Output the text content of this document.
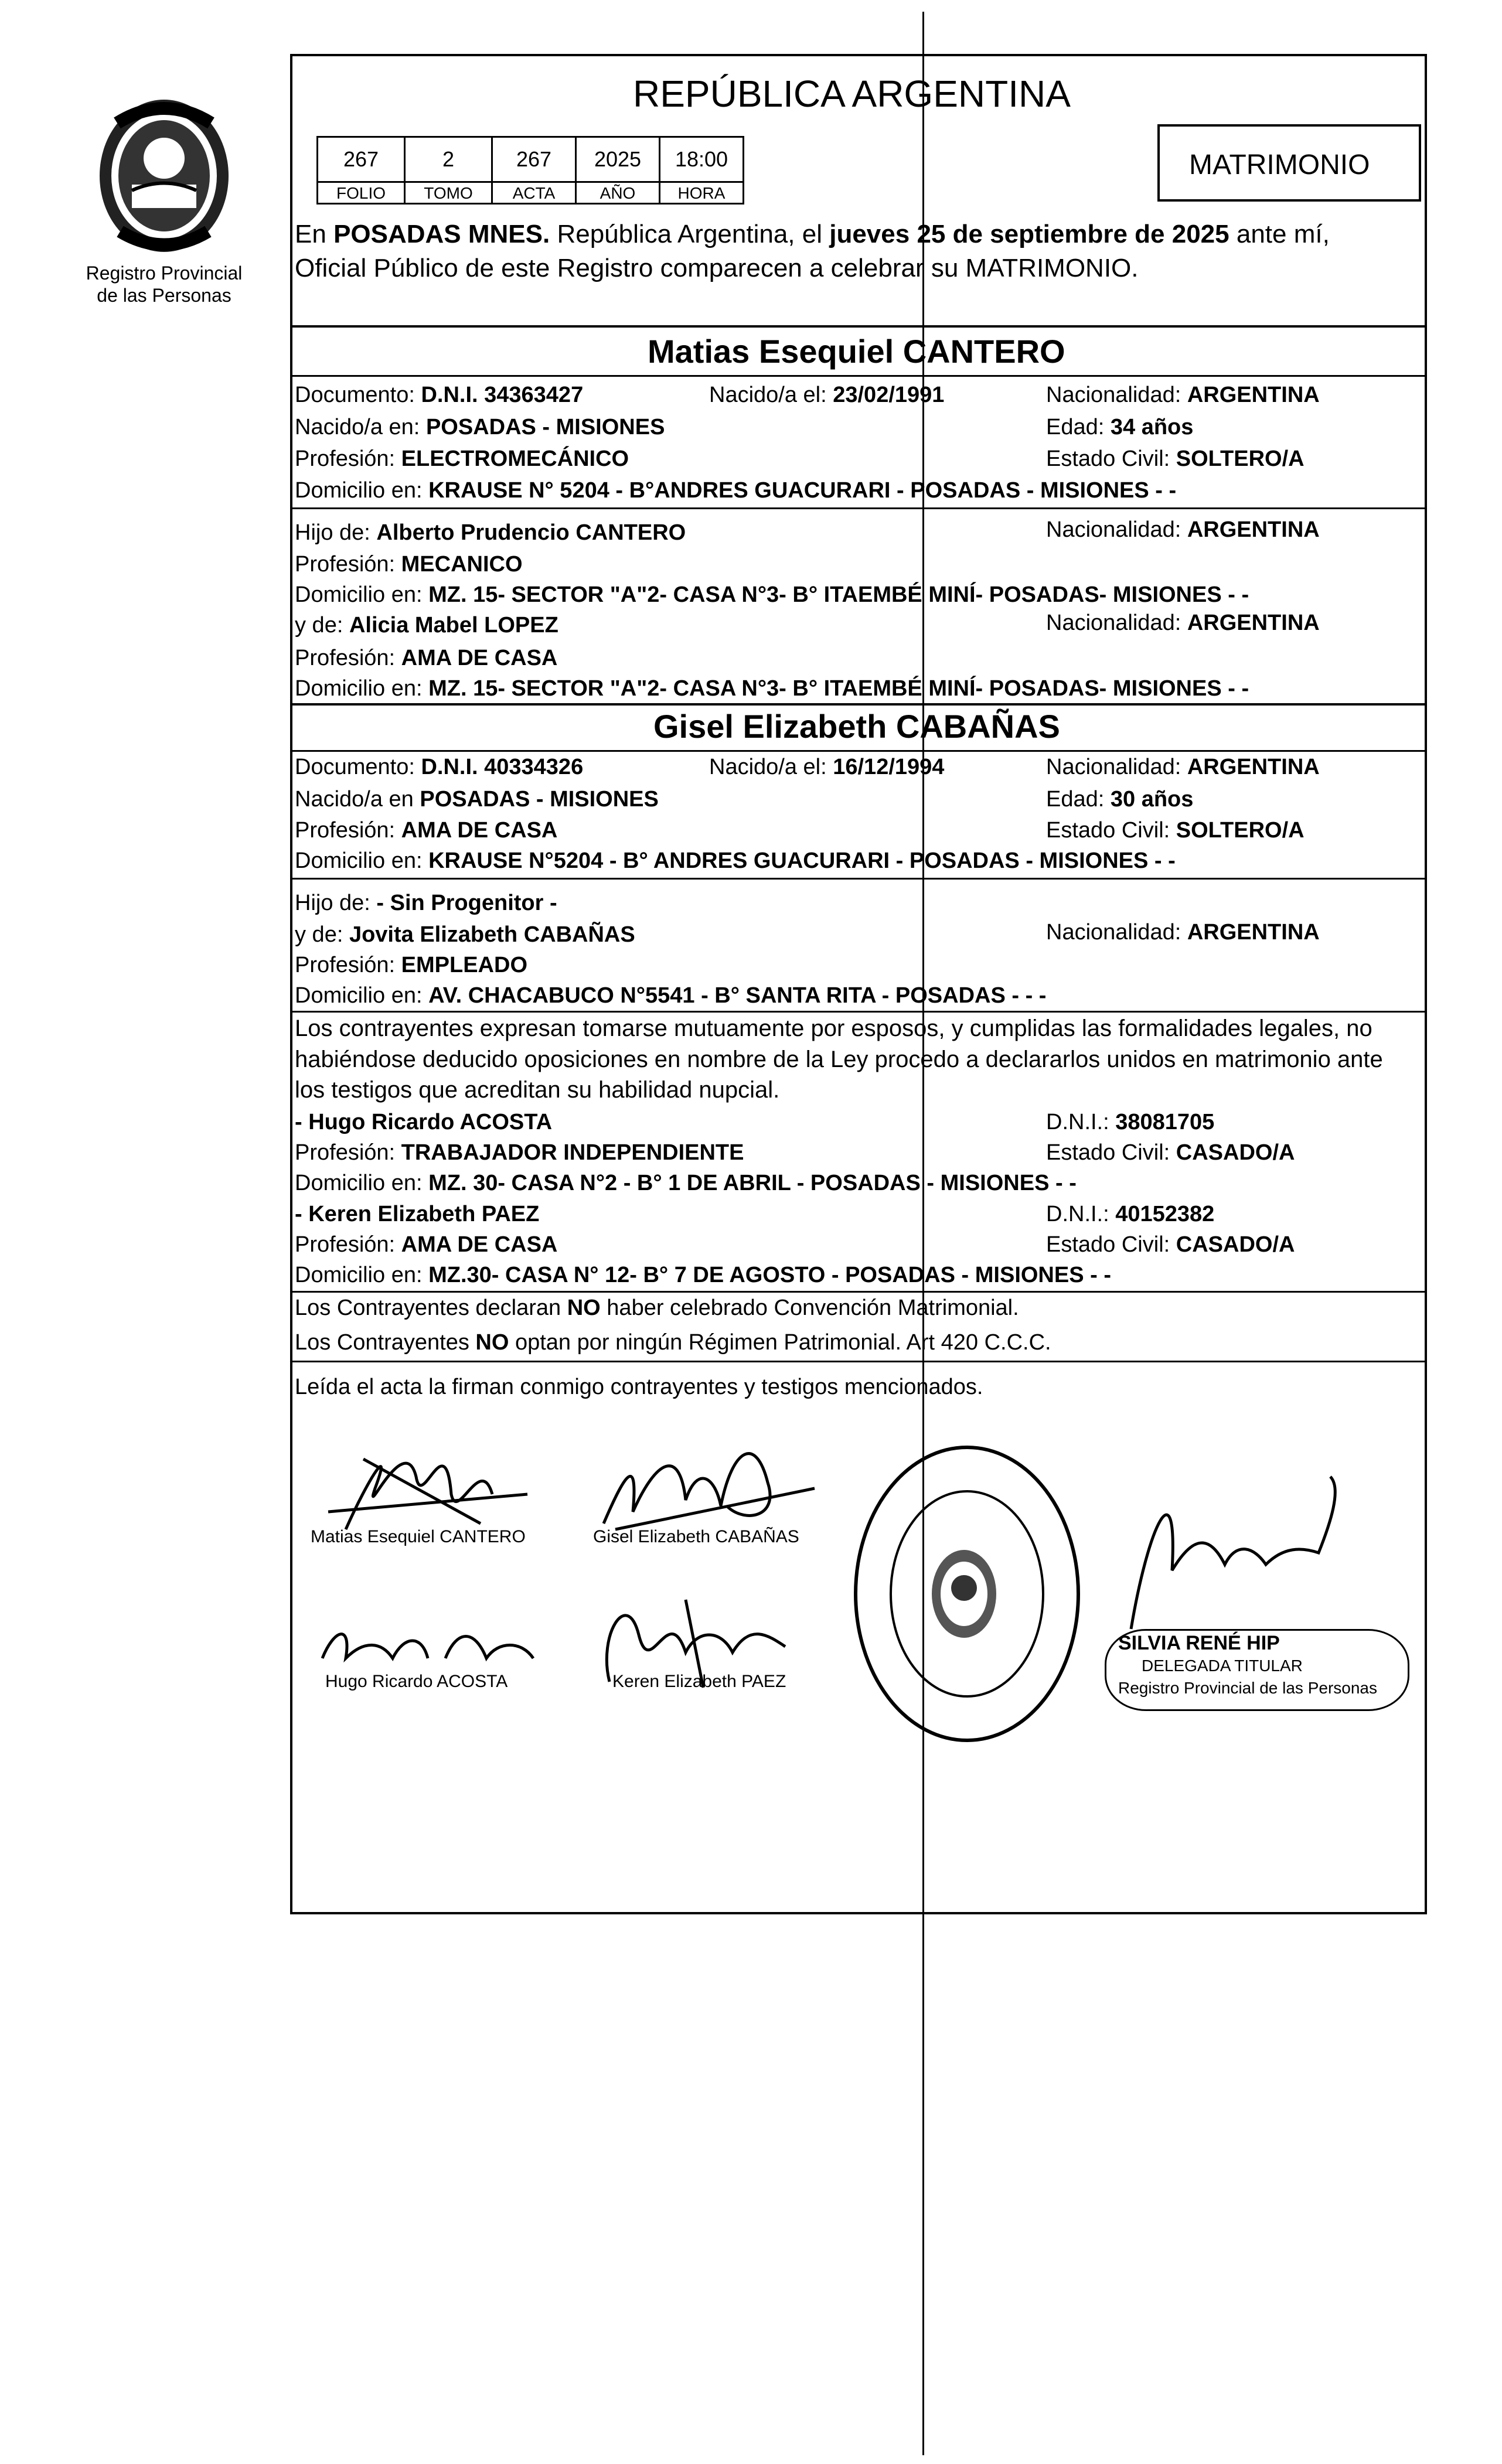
Registro Provincial
de las Personas
REPÚBLICA ARGENTINA
267	2	267	2025	18:00
FOLIO	TOMO	ACTA	AÑO	HORA
MATRIMONIO
En POSADAS MNES. República Argentina, el jueves 25 de septiembre de 2025 ante mí,
Oficial Público de este Registro comparecen a celebrar su MATRIMONIO.
Matias Esequiel CANTERO
Documento: D.N.I. 34363427	Nacido/a el: 23/02/1991	Nacionalidad: ARGENTINA
Nacido/a en: POSADAS - MISIONES	Edad: 34 años
Profesión: ELECTROMECÁNICO	Estado Civil: SOLTERO/A
Domicilio en: KRAUSE N° 5204 - B°ANDRES GUACURARI - POSADAS - MISIONES - -
Hijo de: Alberto Prudencio CANTERO	Nacionalidad: ARGENTINA
Profesión: MECANICO
Domicilio en: MZ. 15- SECTOR "A"2- CASA N°3- B° ITAEMBÉ MINÍ- POSADAS- MISIONES - -
y de: Alicia Mabel LOPEZ	Nacionalidad: ARGENTINA
Profesión: AMA DE CASA
Domicilio en: MZ. 15- SECTOR "A"2- CASA N°3- B° ITAEMBÉ MINÍ- POSADAS- MISIONES - -
Gisel Elizabeth CABAÑAS
Documento: D.N.I. 40334326	Nacido/a el: 16/12/1994	Nacionalidad: ARGENTINA
Nacido/a en POSADAS - MISIONES	Edad: 30 años
Profesión: AMA DE CASA	Estado Civil: SOLTERO/A
Domicilio en: KRAUSE N°5204 - B° ANDRES GUACURARI - POSADAS - MISIONES - -
Hijo de: - Sin Progenitor -
y de: Jovita Elizabeth CABAÑAS	Nacionalidad: ARGENTINA
Profesión: EMPLEADO
Domicilio en: AV. CHACABUCO N°5541 - B° SANTA RITA - POSADAS - - -
Los contrayentes expresan tomarse mutuamente por esposos, y cumplidas las formalidades legales, no
habiéndose deducido oposiciones en nombre de la Ley procedo a declararlos unidos en matrimonio ante
los testigos que acreditan su habilidad nupcial.
- Hugo Ricardo ACOSTA	D.N.I.: 38081705
Profesión: TRABAJADOR INDEPENDIENTE	Estado Civil: CASADO/A
Domicilio en: MZ. 30- CASA N°2 - B° 1 DE ABRIL - POSADAS - MISIONES - -
- Keren Elizabeth PAEZ	D.N.I.: 40152382
Profesión: AMA DE CASA	Estado Civil: CASADO/A
Domicilio en: MZ.30- CASA N° 12- B° 7 DE AGOSTO - POSADAS - MISIONES - -
Los Contrayentes declaran NO haber celebrado Convención Matrimonial.
Los Contrayentes NO optan por ningún Régimen Patrimonial. Art 420 C.C.C.
Leída el acta la firman conmigo contrayentes y testigos mencionados.
Matias Esequiel CANTERO	Gisel Elizabeth CABAÑAS
Hugo Ricardo ACOSTA	Keren Elizabeth PAEZ
SILVIA RENÉ HIP
DELEGADA TITULAR
Registro Provincial de las Personas
